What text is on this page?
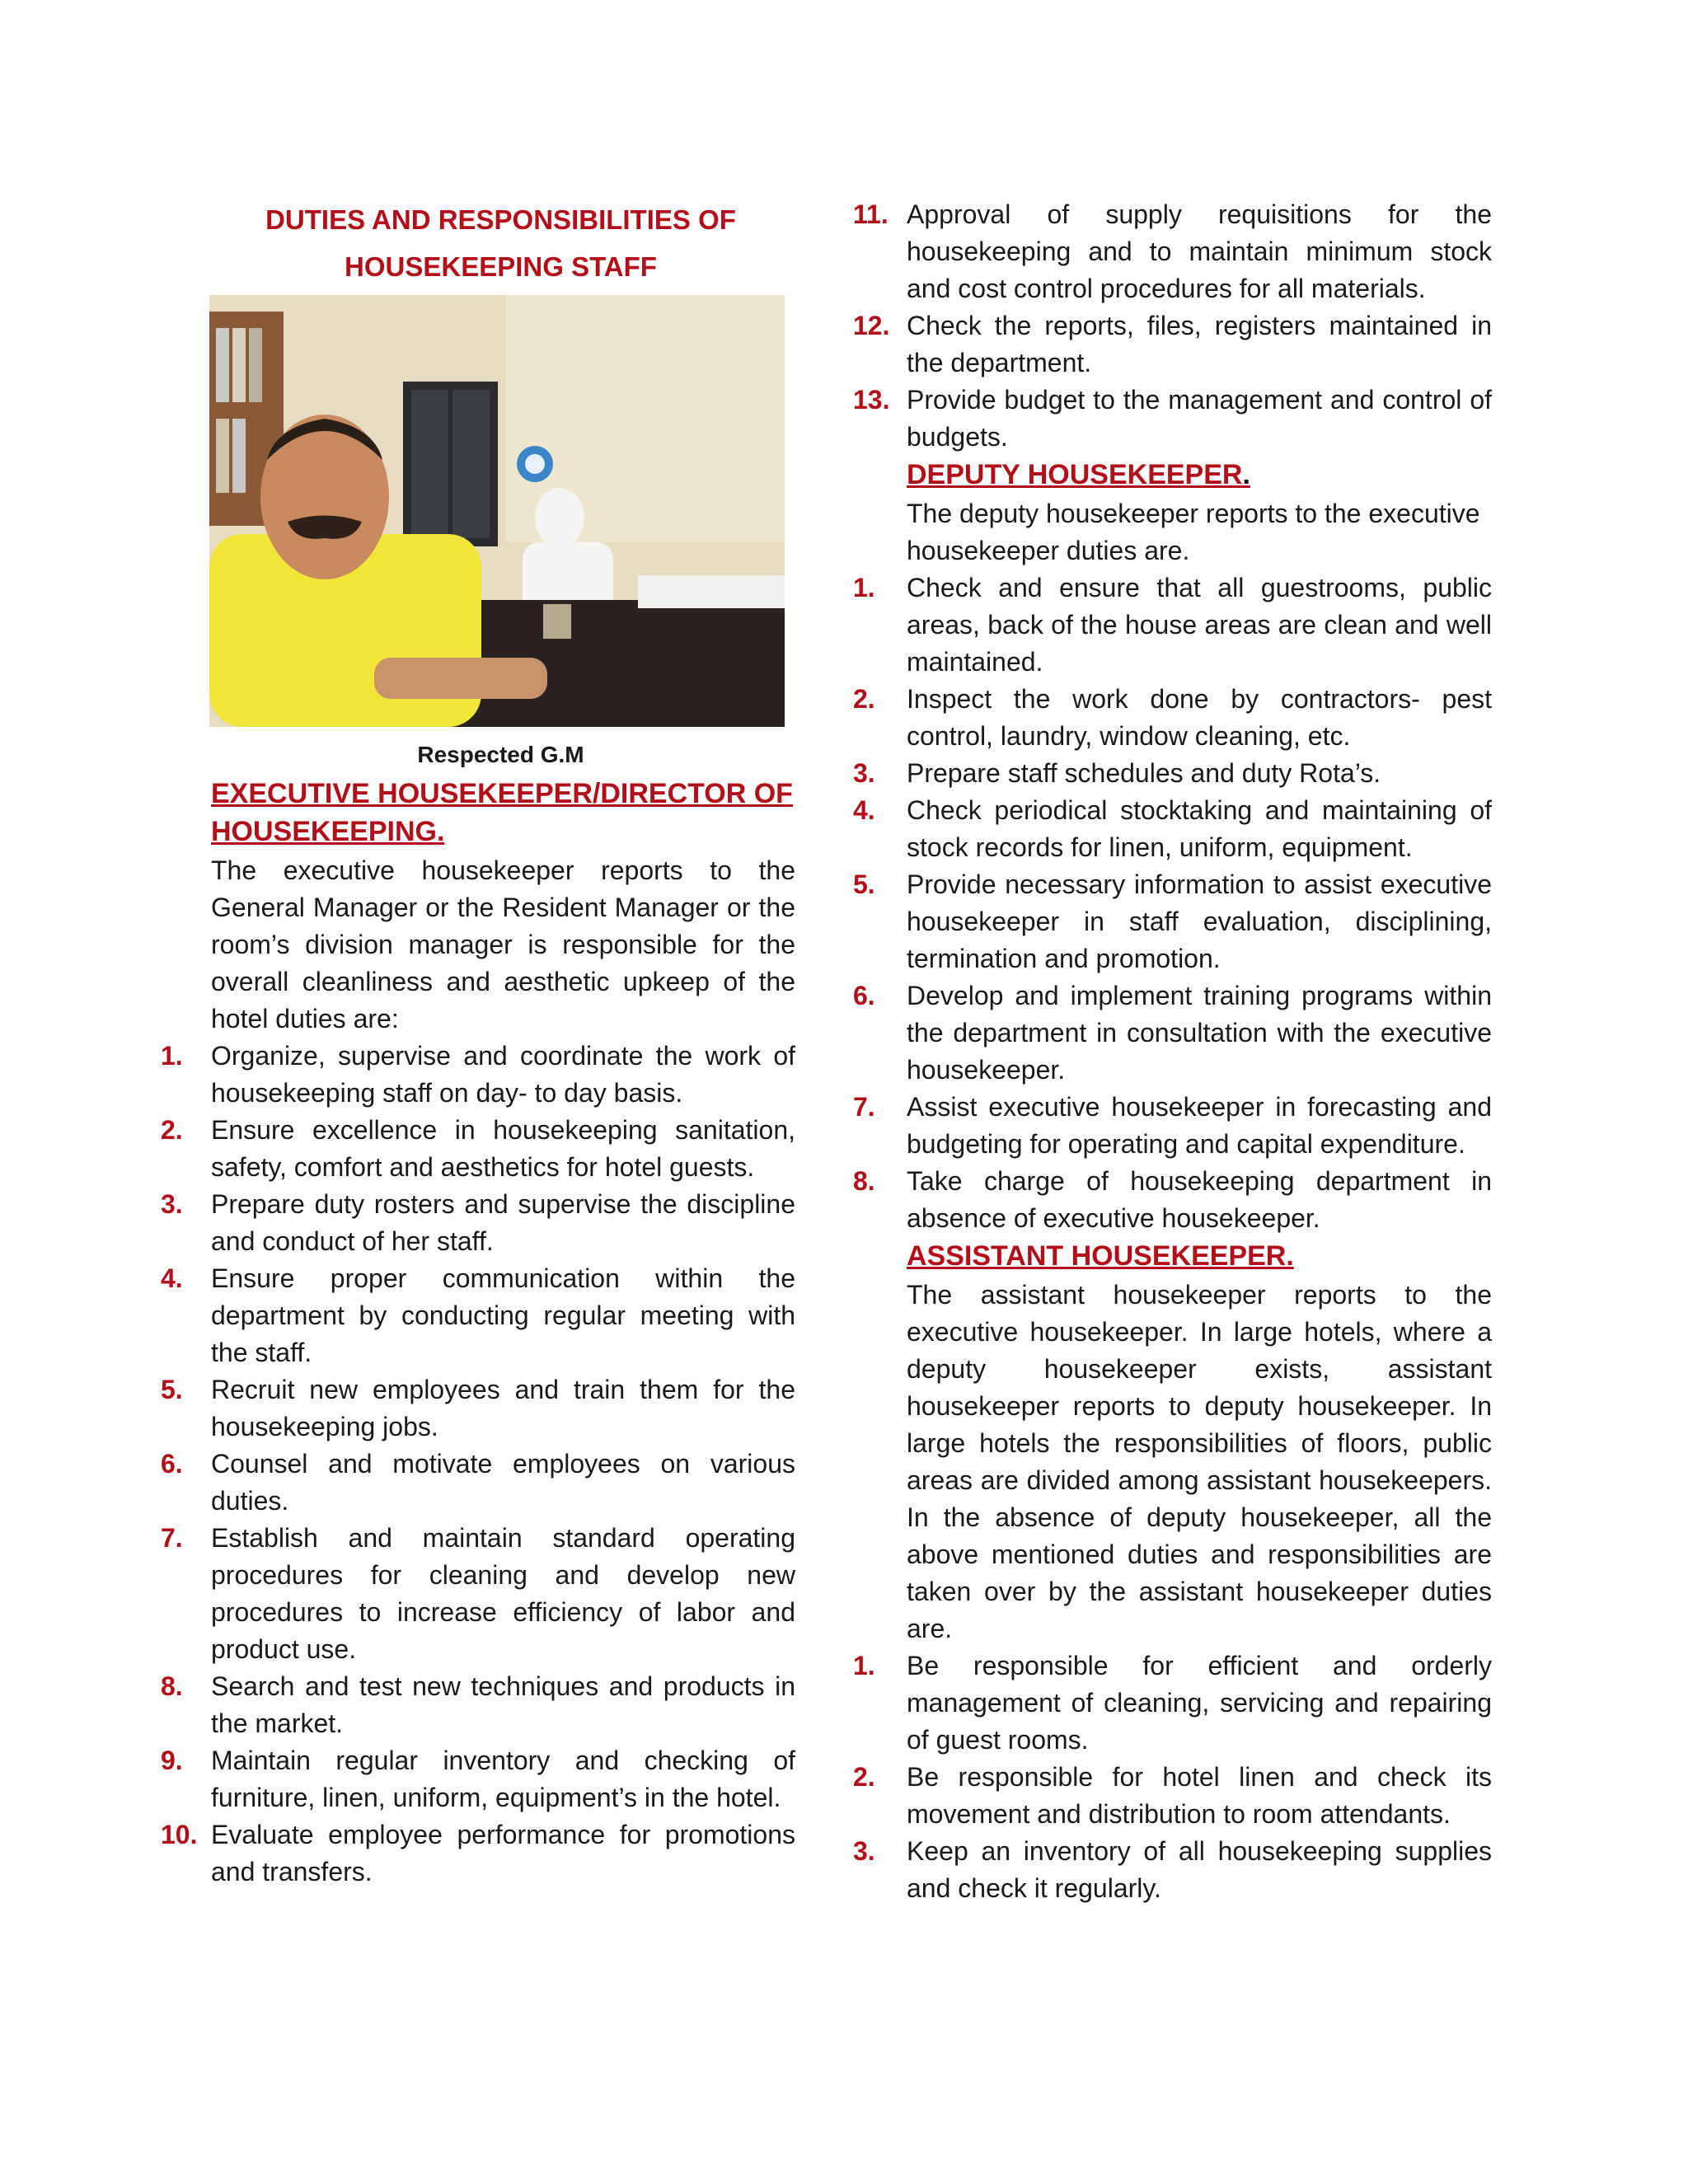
DUTIES AND RESPONSIBILITIES OF
HOUSEKEEPING STAFF
Respected G.M
EXECUTIVE HOUSEKEEPER/DIRECTOR OF
HOUSEKEEPING.
The executive housekeeper reports to the General Manager or the Resident Manager or the room’s division manager is responsible for the overall cleanliness and aesthetic upkeep of the hotel duties are:
1. Organize, supervise and coordinate the work of housekeeping staff on day- to day basis.
2. Ensure excellence in housekeeping sanitation, safety, comfort and aesthetics for hotel guests.
3. Prepare duty rosters and supervise the discipline and conduct of her staff.
4. Ensure proper communication within the department by conducting regular meeting with the staff.
5. Recruit new employees and train them for the housekeeping jobs.
6. Counsel and motivate employees on various duties.
7. Establish and maintain standard operating procedures for cleaning and develop new procedures to increase efficiency of labor and product use.
8. Search and test new techniques and products in the market.
9. Maintain regular inventory and checking of furniture, linen, uniform, equipment’s in the hotel.
10. Evaluate employee performance for promotions and transfers.
11. Approval of supply requisitions for the housekeeping and to maintain minimum stock and cost control procedures for all materials.
12. Check the reports, files, registers maintained in the department.
13. Provide budget to the management and control of budgets.
DEPUTY HOUSEKEEPER.
The deputy housekeeper reports to the executive housekeeper duties are.
1. Check and ensure that all guestrooms, public areas, back of the house areas are clean and well maintained.
2. Inspect the work done by contractors- pest control, laundry, window cleaning, etc.
3. Prepare staff schedules and duty Rota’s.
4. Check periodical stocktaking and maintaining of stock records for linen, uniform, equipment.
5. Provide necessary information to assist executive housekeeper in staff evaluation, disciplining, termination and promotion.
6. Develop and implement training programs within the department in consultation with the executive housekeeper.
7. Assist executive housekeeper in forecasting and budgeting for operating and capital expenditure.
8. Take charge of housekeeping department in absence of executive housekeeper.
ASSISTANT HOUSEKEEPER.
The assistant housekeeper reports to the executive housekeeper. In large hotels, where a deputy housekeeper exists, assistant housekeeper reports to deputy housekeeper. In large hotels the responsibilities of floors, public areas are divided among assistant housekeepers. In the absence of deputy housekeeper, all the above mentioned duties and responsibilities are taken over by the assistant housekeeper duties are.
1. Be responsible for efficient and orderly management of cleaning, servicing and repairing of guest rooms.
2. Be responsible for hotel linen and check its movement and distribution to room attendants.
3. Keep an inventory of all housekeeping supplies and check it regularly.
